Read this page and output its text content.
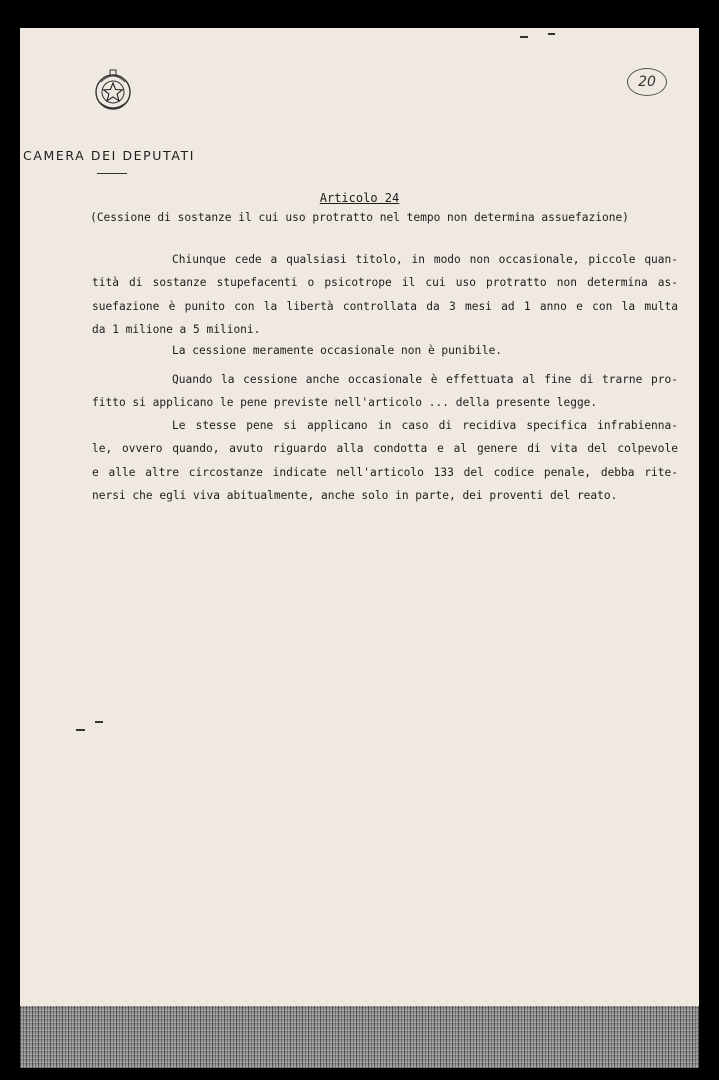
CAMERA DEI DEPUTATI
20
Articolo 24
(Cessione di sostanze il cui uso protratto nel tempo non determina assuefazione)
Chiunque cede a qualsiasi titolo, in modo non occasionale, piccole quan-
tità di sostanze stupefacenti o psicotrope il cui uso protratto non determina as-
suefazione è punito con la libertà controllata da 3 mesi ad 1 anno e con la multa
da 1 milione a 5 milioni.
La cessione meramente occasionale non è punibile.
Quando la cessione anche occasionale è effettuata al fine di trarne pro-
fitto si applicano le pene previste nell'articolo ... della presente legge.
Le stesse pene si applicano in caso di recidiva specifica infrabienna-
le, ovvero quando, avuto riguardo alla condotta e al genere di vita del colpevole
e alle altre circostanze indicate nell'articolo 133 del codice penale, debba rite-
nersi che egli viva abitualmente, anche solo in parte, dei proventi del reato.
